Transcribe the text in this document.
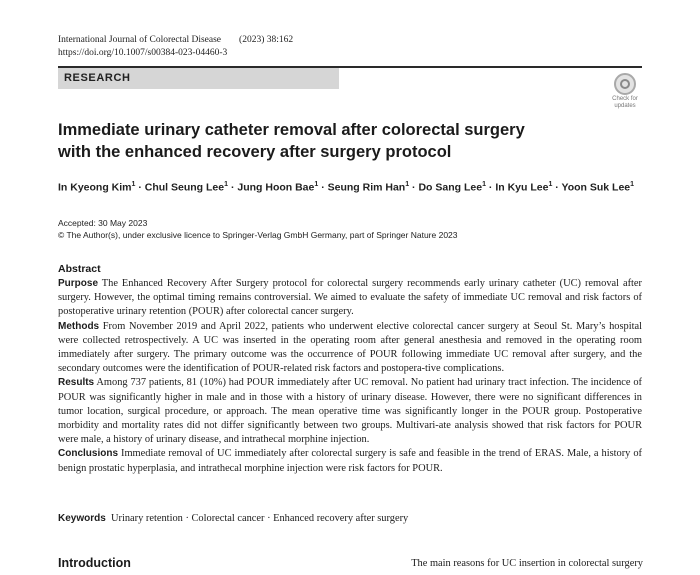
International Journal of Colorectal Disease (2023) 38:162
https://doi.org/10.1007/s00384-023-04460-3
RESEARCH
Check for
updates
Immediate urinary catheter removal after colorectal surgery
with the enhanced recovery after surgery protocol
In Kyeong Kim$^1$ · Chul Seung Lee$^1$ · Jung Hoon Bae$^1$ · Seung Rim Han$^1$ · Do Sang Lee$^1$ · In Kyu Lee$^1$ · Yoon Suk Lee$^1$
Accepted: 30 May 2023
© The Author(s), under exclusive licence to Springer-Verlag GmbH Germany, part of Springer Nature 2023
Abstract

Purpose The Enhanced Recovery After Surgery protocol for colorectal surgery recommends early urinary catheter (UC) removal after surgery. However, the optimal timing remains controversial. We aimed to evaluate the safety of immediate UC removal and risk factors of postoperative urinary retention (POUR) after colorectal cancer surgery.

Methods From November 2019 and April 2022, patients who underwent elective colorectal cancer surgery at Seoul St. Mary’s hospital were collected retrospectively. A UC was inserted in the operating room after general anesthesia and removed in the operating room immediately after surgery. The primary outcome was the occurrence of POUR following immediate UC removal after surgery, and the secondary outcomes were the identification of POUR-related risk factors and postopera-tive complications.

Results Among 737 patients, 81 (10%) had POUR immediately after UC removal. No patient had urinary tract infection. The incidence of POUR was significantly higher in male and in those with a history of urinary disease. However, there were no significant differences in tumor location, surgical procedure, or approach. The mean operative time was significantly longer in the POUR group. Postoperative morbidity and mortality rates did not differ significantly between two groups. Multivari-ate analysis showed that risk factors for POUR were male, a history of urinary disease, and intrathecal morphine injection.

Conclusions Immediate removal of UC immediately after colorectal surgery is safe and feasible in the trend of ERAS. Male, a history of benign prostatic hyperplasia, and intrathecal morphine injection were risk factors for POUR.

Keywords Urinary retention · Colorectal cancer · Enhanced recovery after surgery
Introduction	The main reasons for UC insertion in colorectal surgery
